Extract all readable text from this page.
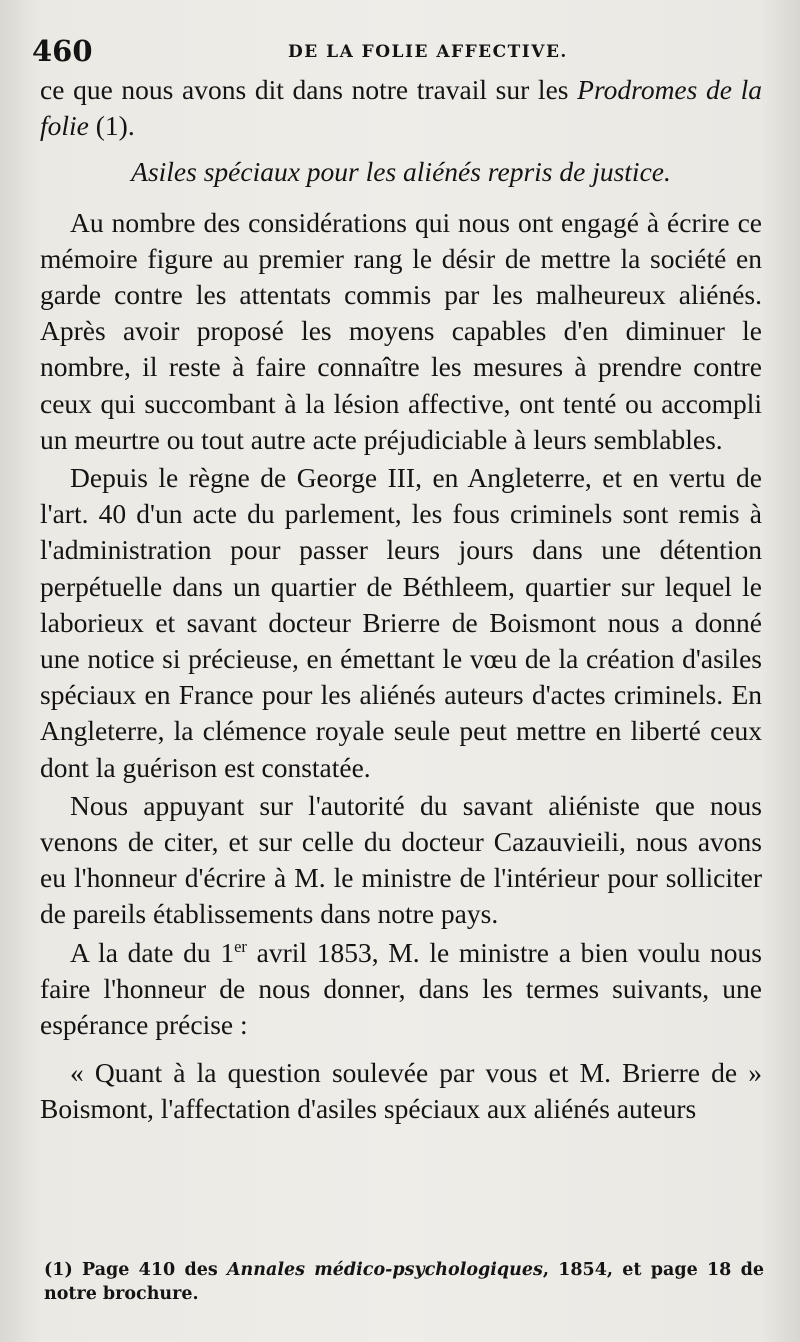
460	DE LA FOLIE AFFECTIVE.

ce que nous avons dit dans notre travail sur les Prodromes de la folie (1).

Asiles spéciaux pour les aliénés repris de justice.

Au nombre des considérations qui nous ont engagé à écrire ce mémoire figure au premier rang le désir de mettre la société en garde contre les attentats commis par les malheureux aliénés. Après avoir proposé les moyens capables d'en diminuer le nombre, il reste à faire connaître les mesures à prendre contre ceux qui succombant à la lésion affective, ont tenté ou accompli un meurtre ou tout autre acte préjudiciable à leurs semblables.

Depuis le règne de George III, en Angleterre, et en vertu de l'art. 40 d'un acte du parlement, les fous criminels sont remis à l'administration pour passer leurs jours dans une détention perpétuelle dans un quartier de Béthleem, quartier sur lequel le laborieux et savant docteur Brierre de Boismont nous a donné une notice si précieuse, en émettant le vœu de la création d'asiles spéciaux en France pour les aliénés auteurs d'actes criminels. En Angleterre, la clémence royale seule peut mettre en liberté ceux dont la guérison est constatée.

Nous appuyant sur l'autorité du savant aliéniste que nous venons de citer, et sur celle du docteur Cazauvieili, nous avons eu l'honneur d'écrire à M. le ministre de l'intérieur pour solliciter de pareils établissements dans notre pays.

A la date du 1er avril 1853, M. le ministre a bien voulu nous faire l'honneur de nous donner, dans les termes suivants, une espérance précise :

« Quant à la question soulevée par vous et M. Brierre de » Boismont, l'affectation d'asiles spéciaux aux aliénés auteurs

(1) Page 410 des Annales médico-psychologiques, 1854, et page 18 de notre brochure.
